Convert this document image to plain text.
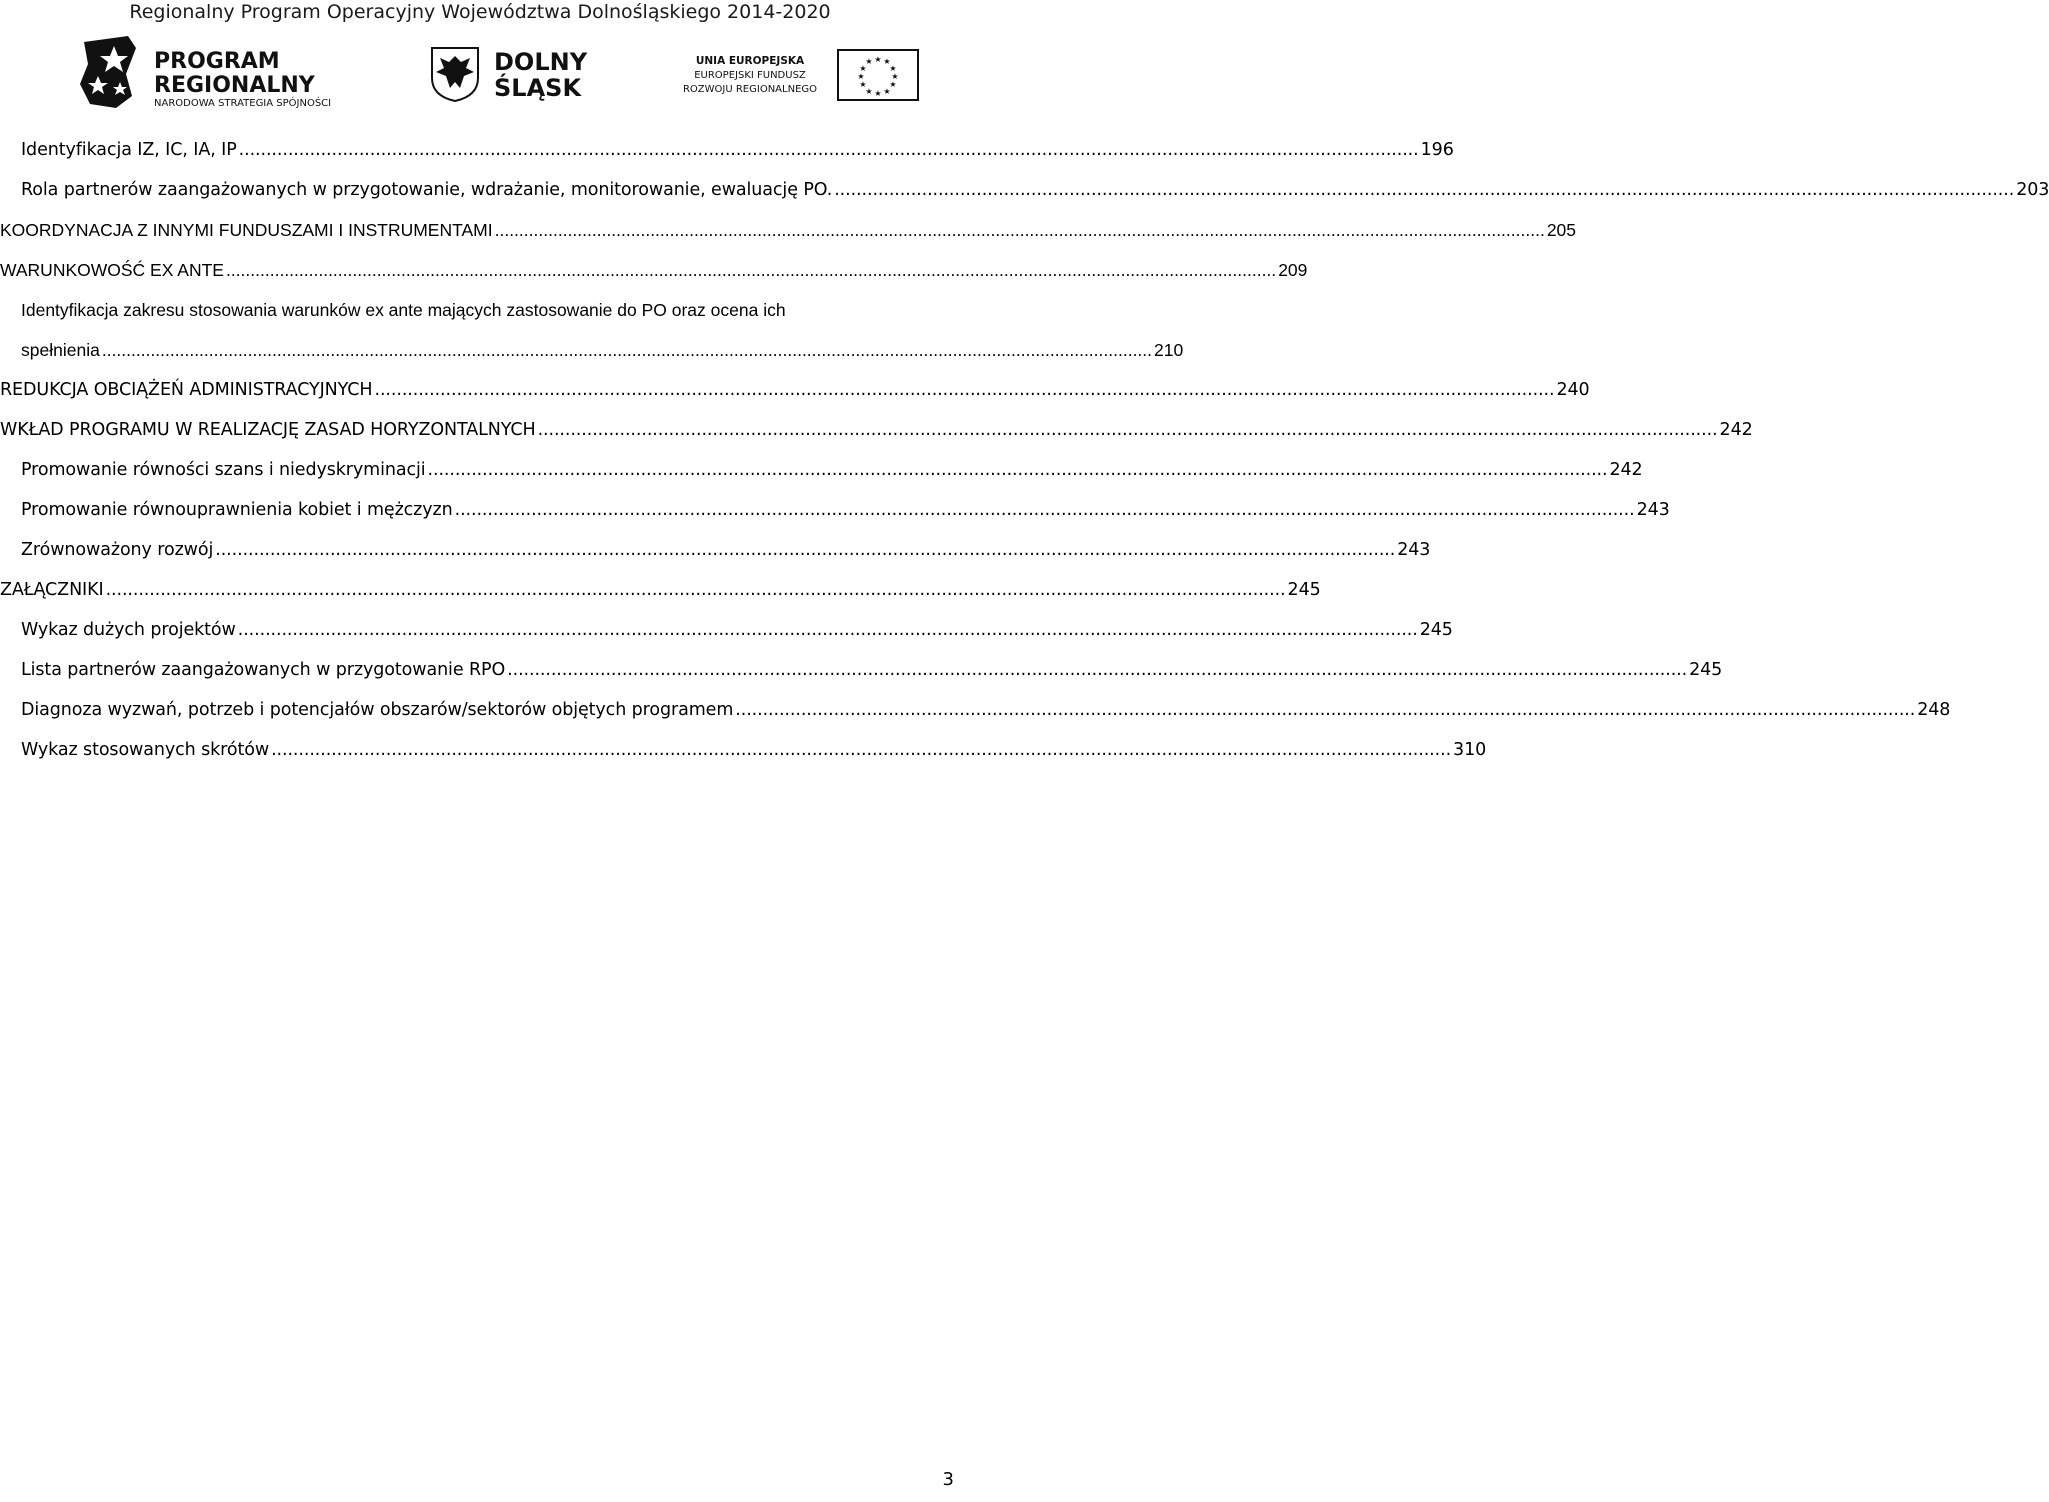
Regionalny Program Operacyjny Województwa Dolnośląskiego 2014-2020
PROGRAM
REGIONALNY
NARODOWA STRATEGIA SPÓJNOŚCI
DOLNY
ŚLĄSK
UNIA EUROPEJSKA
EUROPEJSKI FUNDUSZ
ROZWOJU REGIONALNEGO
★ ★
★
★
★
★
★
★
★
★
★
★
Identyfikacja IZ, IC, IA, IP ........................................................................................................................................................................................................................ 196
Rola partnerów zaangażowanych w przygotowanie, wdrażanie, monitorowanie, ewaluację PO. ........................................................................................................................................................................................................................ 203
KOORDYNACJA Z INNYMI FUNDUSZAMI I INSTRUMENTAMI ........................................................................................................................................................................................................................ 205
WARUNKOWOŚĆ EX ANTE ........................................................................................................................................................................................................................ 209
Identyfikacja zakresu stosowania warunków ex ante mających zastosowanie do PO oraz ocena ich
spełnienia ........................................................................................................................................................................................................................ 210
REDUKCJA OBCIĄŻEŃ ADMINISTRACYJNYCH ........................................................................................................................................................................................................................ 240
WKŁAD PROGRAMU W REALIZACJĘ ZASAD HORYZONTALNYCH ........................................................................................................................................................................................................................ 242
Promowanie równości szans i niedyskryminacji ........................................................................................................................................................................................................................ 242
Promowanie równouprawnienia kobiet i mężczyzn ........................................................................................................................................................................................................................ 243
Zrównoważony rozwój ........................................................................................................................................................................................................................ 243
ZAŁĄCZNIKI ........................................................................................................................................................................................................................ 245
Wykaz dużych projektów ........................................................................................................................................................................................................................ 245
Lista partnerów zaangażowanych w przygotowanie RPO ........................................................................................................................................................................................................................ 245
Diagnoza wyzwań, potrzeb i potencjałów obszarów/sektorów objętych programem ........................................................................................................................................................................................................................ 248
Wykaz stosowanych skrótów ........................................................................................................................................................................................................................ 310
3
